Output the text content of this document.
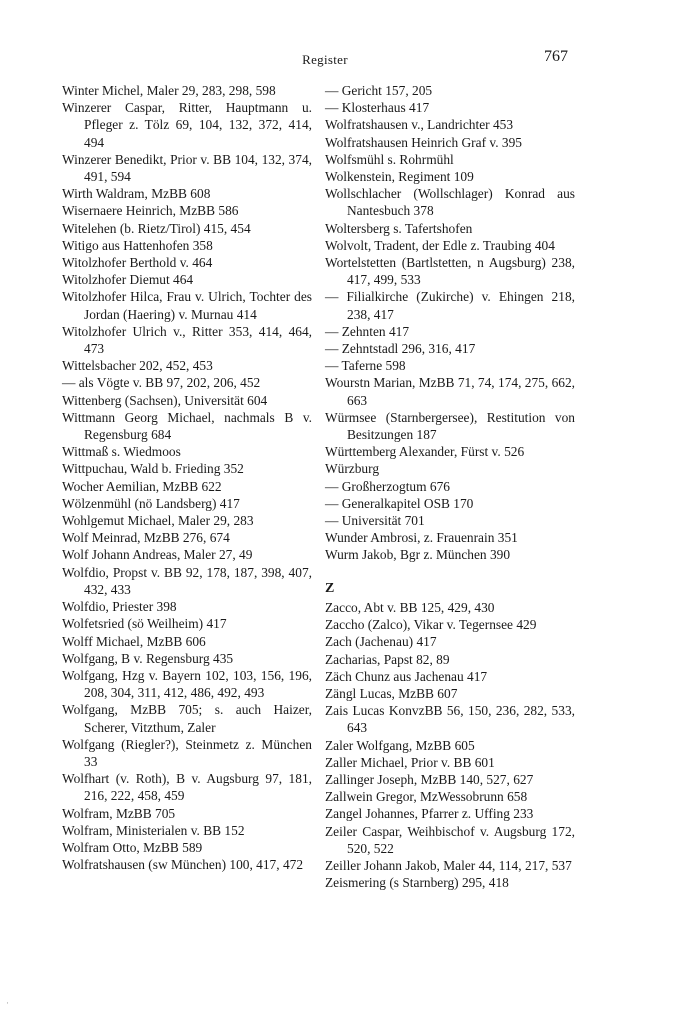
Register	767

Winter Michel, Maler 29, 283, 298, 598

Winzerer Caspar, Ritter, Hauptmann u. Pfleger z. Tölz 69, 104, 132, 372, 414, 494

Winzerer Benedikt, Prior v. BB 104, 132, 374, 491, 594

Wirth Waldram, MzBB 608

Wisernaere Heinrich, MzBB 586

Witelehen (b. Rietz/Tirol) 415, 454

Witigo aus Hattenhofen 358

Witolzhofer Berthold v. 464

Witolzhofer Diemut 464

Witolzhofer Hilca, Frau v. Ulrich, Tochter des Jordan (Haering) v. Murnau 414

Witolzhofer Ulrich v., Ritter 353, 414, 464, 473

Wittelsbacher 202, 452, 453

— als Vögte v. BB 97, 202, 206, 452

Wittenberg (Sachsen), Universität 604

Wittmann Georg Michael, nachmals B v. Regensburg 684

Wittmaß s. Wiedmoos

Wittpuchau, Wald b. Frieding 352

Wocher Aemilian, MzBB 622

Wölzenmühl (nö Landsberg) 417

Wohlgemut Michael, Maler 29, 283

Wolf Meinrad, MzBB 276, 674

Wolf Johann Andreas, Maler 27, 49

Wolfdio, Propst v. BB 92, 178, 187, 398, 407, 432, 433

Wolfdio, Priester 398

Wolfetsried (sö Weilheim) 417

Wolff Michael, MzBB 606

Wolfgang, B v. Regensburg 435

Wolfgang, Hzg v. Bayern 102, 103, 156, 196, 208, 304, 311, 412, 486, 492, 493

Wolfgang, MzBB 705; s. auch Haizer, Scherer, Vitzthum, Zaler

Wolfgang (Riegler?), Steinmetz z. München 33

Wolfhart (v. Roth), B v. Augsburg 97, 181, 216, 222, 458, 459

Wolfram, MzBB 705

Wolfram, Ministerialen v. BB 152

Wolfram Otto, MzBB 589

Wolfratshausen (sw München) 100, 417, 472

— Gericht 157, 205

— Klosterhaus 417

Wolfratshausen v., Landrichter 453

Wolfratshausen Heinrich Graf v. 395

Wolfsmühl s. Rohrmühl

Wolkenstein, Regiment 109

Wollschlacher (Wollschlager) Konrad aus Nantesbuch 378

Woltersberg s. Tafertshofen

Wolvolt, Tradent, der Edle z. Traubing 404

Wortelstetten (Bartlstetten, n Augsburg) 238, 417, 499, 533

— Filialkirche (Zukirche) v. Ehingen 218, 238, 417

— Zehnten 417

— Zehntstadl 296, 316, 417

— Taferne 598

Wourstn Marian, MzBB 71, 74, 174, 275, 662, 663

Würmsee (Starnbergersee), Restitution von Besitzungen 187

Württemberg Alexander, Fürst v. 526

Würzburg

— Großherzogtum 676

— Generalkapitel OSB 170

— Universität 701

Wunder Ambrosi, z. Frauenrain 351

Wurm Jakob, Bgr z. München 390

Z

Zacco, Abt v. BB 125, 429, 430

Zaccho (Zalco), Vikar v. Tegernsee 429

Zach (Jachenau) 417

Zacharias, Papst 82, 89

Zäch Chunz aus Jachenau 417

Zängl Lucas, MzBB 607

Zais Lucas KonvzBB 56, 150, 236, 282, 533, 643

Zaler Wolfgang, MzBB 605

Zaller Michael, Prior v. BB 601

Zallinger Joseph, MzBB 140, 527, 627

Zallwein Gregor, MzWessobrunn 658

Zangel Johannes, Pfarrer z. Uffing 233

Zeiler Caspar, Weihbischof v. Augsburg 172, 520, 522

Zeiller Johann Jakob, Maler 44, 114, 217, 537

Zeismering (s Starnberg) 295, 418

·
